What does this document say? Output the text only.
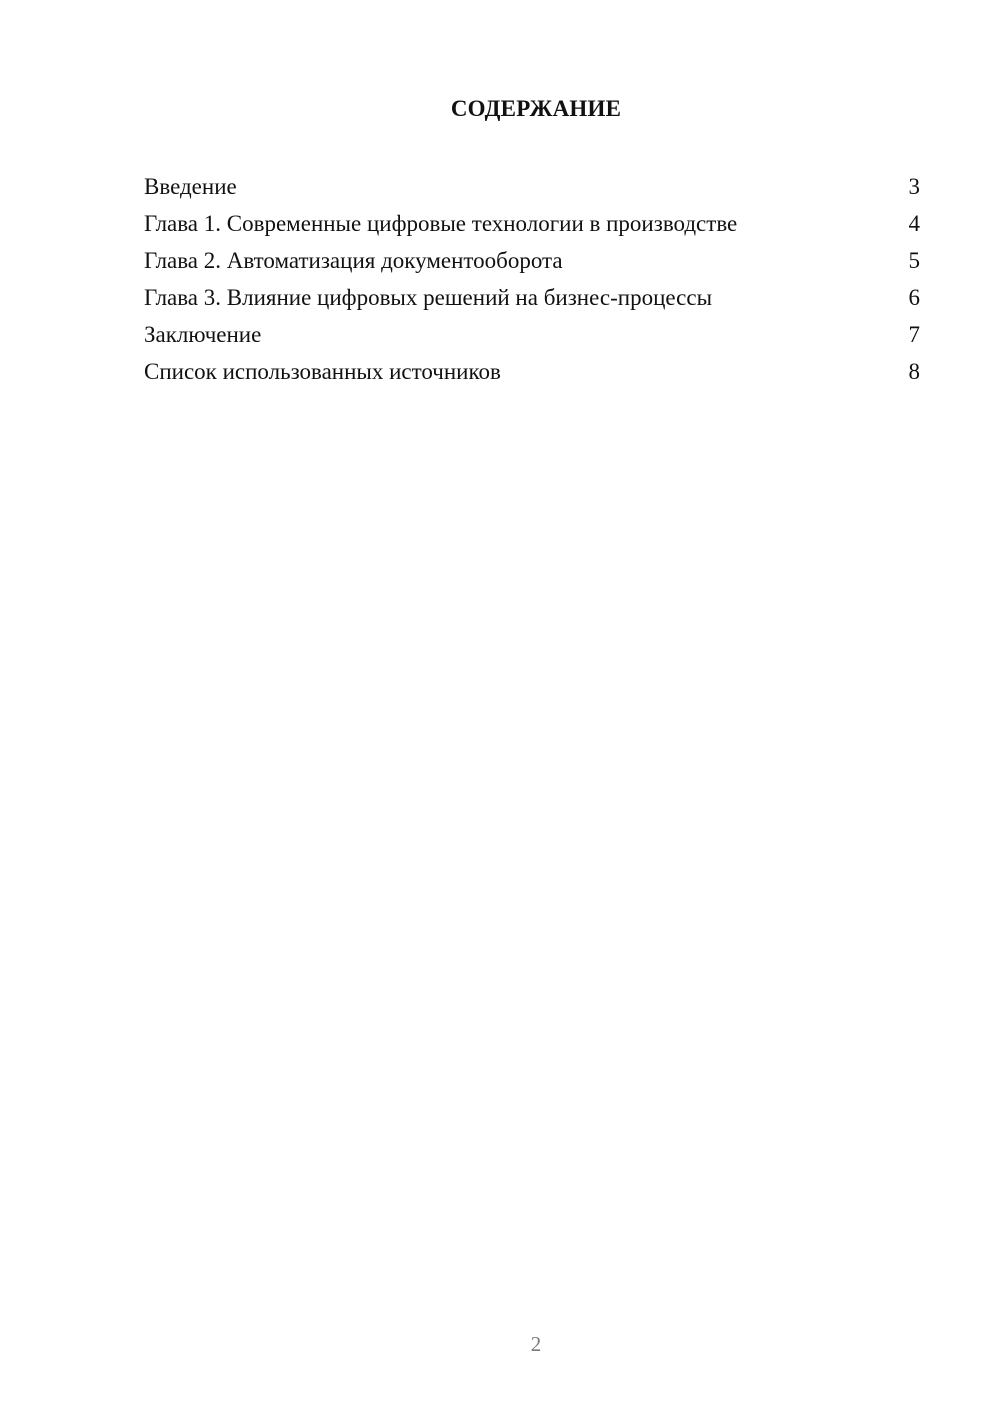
СОДЕРЖАНИЕ
Введение	3
Глава 1. Современные цифровые технологии в производстве	4
Глава 2. Автоматизация документооборота	5
Глава 3. Влияние цифровых решений на бизнес-процессы	6
Заключение	7
Список использованных источников	8
2
